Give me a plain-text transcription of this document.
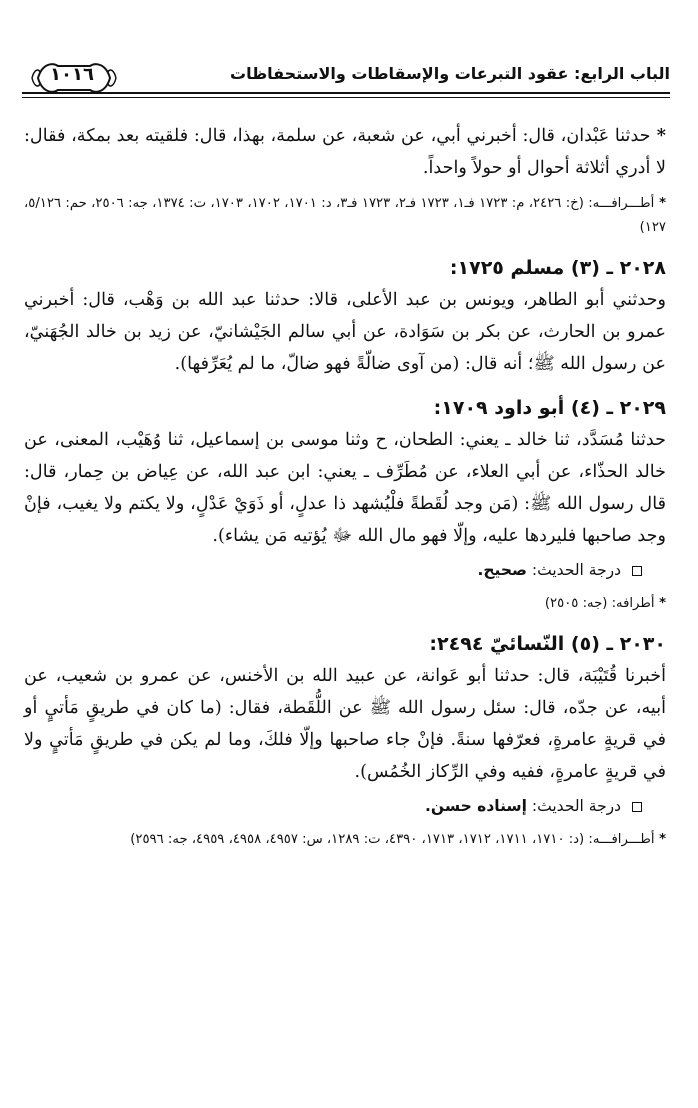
١٠١٦	الباب الرابع: عقود التبرعات والإسقاطات والاستحفاظات

* حدثنا عَبْدان، قال: أخبرني أبي، عن شعبة، عن سلمة، بهذا، قال: فلقيته بعد بمكة، فقال: لا أدري أثلاثة أحوال أو حولاً واحداً.

* أطـــرافـــه: (خ: ٢٤٢٦، م: ١٧٢٣ فـ١، ١٧٢٣ فـ٢، ١٧٢٣ فـ٣، د: ١٧٠١، ١٧٠٢، ١٧٠٣، ت: ١٣٧٤، جه: ٢٥٠٦، حم: ٥/١٢٦، ١٢٧)

٢٠٢٨ ـ (٣) مسلم ١٧٢٥:

وحدثني أبو الطاهر، ويونس بن عبد الأعلى، قالا: حدثنا عبد الله بن وَهْب، قال: أخبرني عمرو بن الحارث، عن بكر بن سَوَادة، عن أبي سالم الجَيْشانيّ، عن زيد بن خالد الجُهَنيّ، عن رسول الله ﷺ؛ أنه قال: (من آوى ضالّةً فهو ضالّ، ما لم يُعَرِّفها).

٢٠٢٩ ـ (٤) أبو داود ١٧٠٩:

حدثنا مُسَدَّد، ثنا خالد ـ يعني: الطحان، ح وثنا موسى بن إسماعيل، ثنا وُهَيْب، المعنى، عن خالد الحذّاء، عن أبي العلاء، عن مُطَرِّف ـ يعني: ابن عبد الله، عن عِياض بن حِمار، قال: قال رسول الله ﷺ: (مَن وجد لُقَطةً فلْيُشهد ذا عدلٍ، أو ذَوَيْ عَدْلٍ، ولا يكتم ولا يغيب، فإنْ وجد صاحبها فليردها عليه، وإلّا فهو مال الله ﷻ يُؤتيه مَن يشاء).

درجة الحديث: صحيح.

* أطرافه: (جه: ٢٥٠٥)

٢٠٣٠ ـ (٥) النّسائيّ ٢٤٩٤:

أخبرنا قُتَيْبَة، قال: حدثنا أبو عَوانة، عن عبيد الله بن الأخنس، عن عمرو بن شعيب، عن أبيه، عن جدّه، قال: سئل رسول الله ﷺ عن اللُّقَطة، فقال: (ما كان في طريقٍ مَأتيٍ أو في قريةٍ عامرةٍ، فعرّفها سنةً. فإنْ جاء صاحبها وإلّا فلكَ، وما لم يكن في طريقٍ مَأتيٍ ولا في قريةٍ عامرةٍ، ففيه وفي الرِّكاز الخُمُس).

درجة الحديث: إسناده حسن.

* أطـــرافـــه: (د: ١٧١٠، ١٧١١، ١٧١٢، ١٧١٣، ٤٣٩٠، ت: ١٢٨٩، س: ٤٩٥٧، ٤٩٥٨، ٤٩٥٩، جه: ٢٥٩٦)
